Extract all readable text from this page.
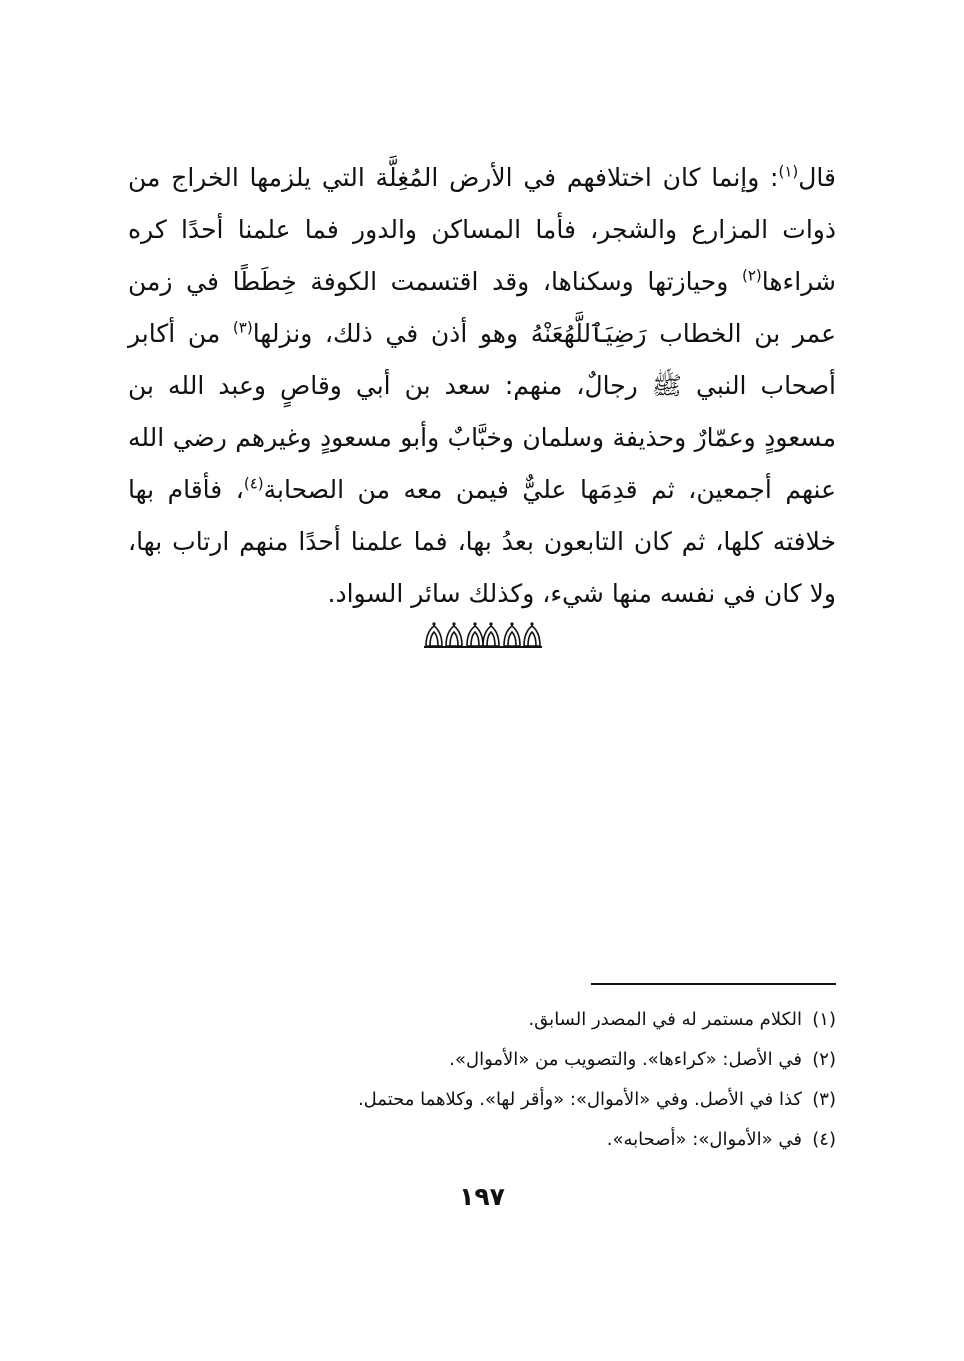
قال$^{(١)}$: وإنما كان اختلافهم في الأرض المُغِلَّة التي يلزمها الخراج من ذوات المزارع والشجر، فأما المساكن والدور فما علمنا أحدًا كره شراءها$^{(٢)}$ وحيازتها وسكناها، وقد اقتسمت الكوفة خِطَطًا في زمن عمر بن الخطاب رَضِيَٱللَّهُعَنْهُ وهو أذن في ذلك، ونزلها$^{(٣)}$ من أكابر أصحاب النبي ﷺ رجالٌ، منهم: سعد بن أبي وقاصٍ وعبد الله بن مسعودٍ وعمّارٌ وحذيفة وسلمان وخبَّابٌ وأبو مسعودٍ وغيرهم رضي الله عنهم أجمعين، ثم قدِمَها عليٌّ فيمن معه من الصحابة$^{(٤)}$، فأقام بها خلافته كلها، ثم كان التابعون بعدُ بها، فما علمنا أحدًا منهم ارتاب بها، ولا كان في نفسه منها شيء، وكذلك سائر السواد.

(١)الكلام مستمر له في المصدر السابق.
(٢)في الأصل: «كراءها». والتصويب من «الأموال».
(٣)كذا في الأصل. وفي «الأموال»: «وأقر لها». وكلاهما محتمل.
(٤)في «الأموال»: «أصحابه».
١٩٧
